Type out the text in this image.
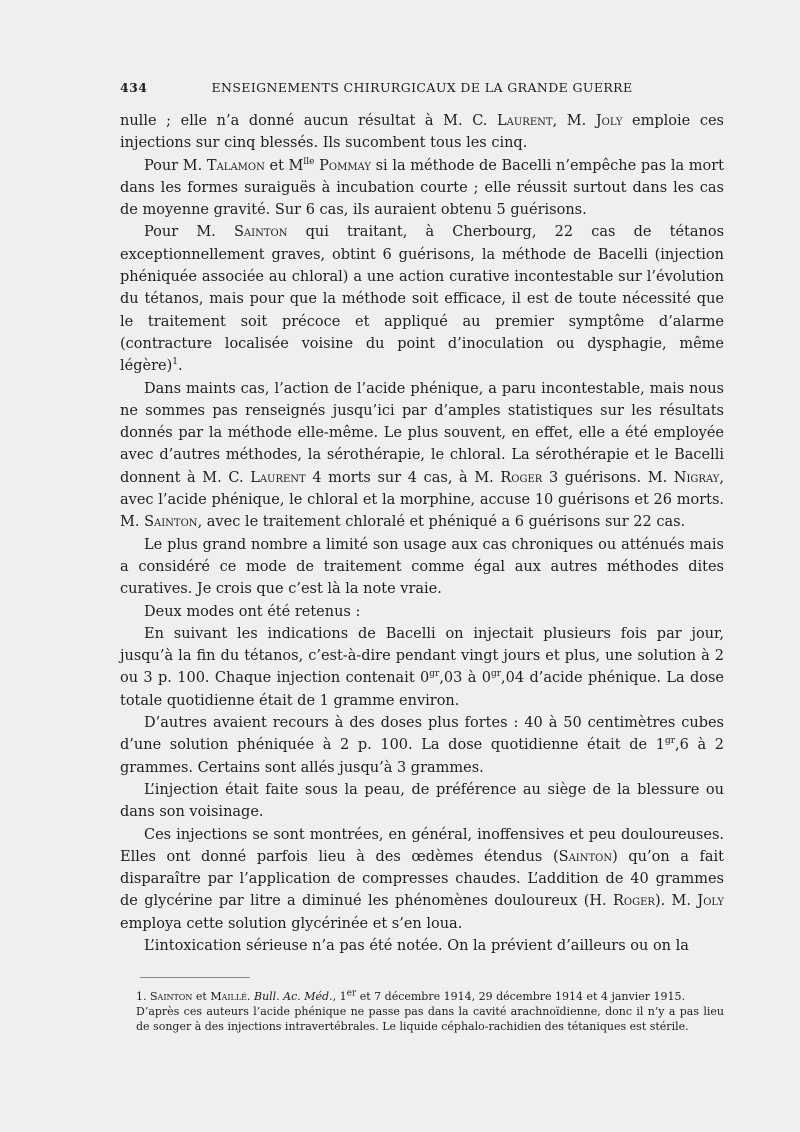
434	ENSEIGNEMENTS CHIRURGICAUX DE LA GRANDE GUERRE

nulle ; elle n’a donné aucun résultat à M. C. Laurent, M. Joly emploie ces injections sur cinq blessés. Ils sucombent tous les cinq.

Pour M. Talamon et $M^{lle}$ Pommay si la méthode de Bacelli n’empêche pas la mort dans les formes suraiguës à incubation courte ; elle réussit surtout dans les cas de moyenne gravité. Sur 6 cas, ils auraient obtenu 5 guérisons.

Pour M. Sainton qui traitant, à Cherbourg, 22 cas de tétanos exceptionnellement graves, obtint 6 guérisons, la méthode de Bacelli (injection phéniquée associée au chloral) a une action curative incontestable sur l’évolution du tétanos, mais pour que la méthode soit efficace, il est de toute nécessité que le traitement soit précoce et appliqué au premier symptôme d’alarme (contracture localisée voisine du point d’inoculation ou dysphagie, même légère)$^1$.

Dans maints cas, l’action de l’acide phénique, a paru incontestable, mais nous ne sommes pas renseignés jusqu’ici par d’amples statistiques sur les résultats donnés par la méthode elle-même. Le plus souvent, en effet, elle a été employée avec d’autres méthodes, la sérothérapie, le chloral. La sérothérapie et le Bacelli donnent à M. C. Laurent 4 morts sur 4 cas, à M. Roger 3 guérisons. M. Nigray, avec l’acide phénique, le chloral et la morphine, accuse 10 guérisons et 26 morts. M. Sainton, avec le traitement chloralé et phéniqué a 6 guérisons sur 22 cas.

Le plus grand nombre a limité son usage aux cas chroniques ou atténués mais a considéré ce mode de traitement comme égal aux autres méthodes dites curatives. Je crois que c’est là la note vraie.

Deux modes ont été retenus :

En suivant les indications de Bacelli on injectait plusieurs fois par jour, jusqu’à la fin du tétanos, c’est-à-dire pendant vingt jours et plus, une solution à 2 ou 3 p. 100. Chaque injection contenait $0^{gr},03$ à $0^{gr},04$ d’acide phénique. La dose totale quotidienne était de 1 gramme environ.

D’autres avaient recours à des doses plus fortes : 40 à 50 centimètres cubes d’une solution phéniquée à 2 p. 100. La dose quotidienne était de $1^{gr},6$ à 2 grammes. Certains sont allés jusqu’à 3 grammes.

L’injection était faite sous la peau, de préférence au siège de la blessure ou dans son voisinage.

Ces injections se sont montrées, en général, inoffensives et peu douloureuses. Elles ont donné parfois lieu à des œdèmes étendus (Sainton) qu’on a fait disparaître par l’application de compresses chaudes. L’addition de 40 grammes de glycérine par litre a diminué les phénomènes douloureux (H. Roger). M. Joly employa cette solution glycérinée et s’en loua.

L’intoxication sérieuse n’a pas été notée. On la prévient d’ailleurs ou on la

1. Sainton et Maillé. Bull. Ac. Méd., 1er et 7 décembre 1914, 29 décembre 1914 et 4 janvier 1915.

D’après ces auteurs l’acide phénique ne passe pas dans la cavité arachnoïdienne, donc il n’y a pas lieu de songer à des injections intravertébrales. Le liquide céphalo-rachidien des tétaniques est stérile.
